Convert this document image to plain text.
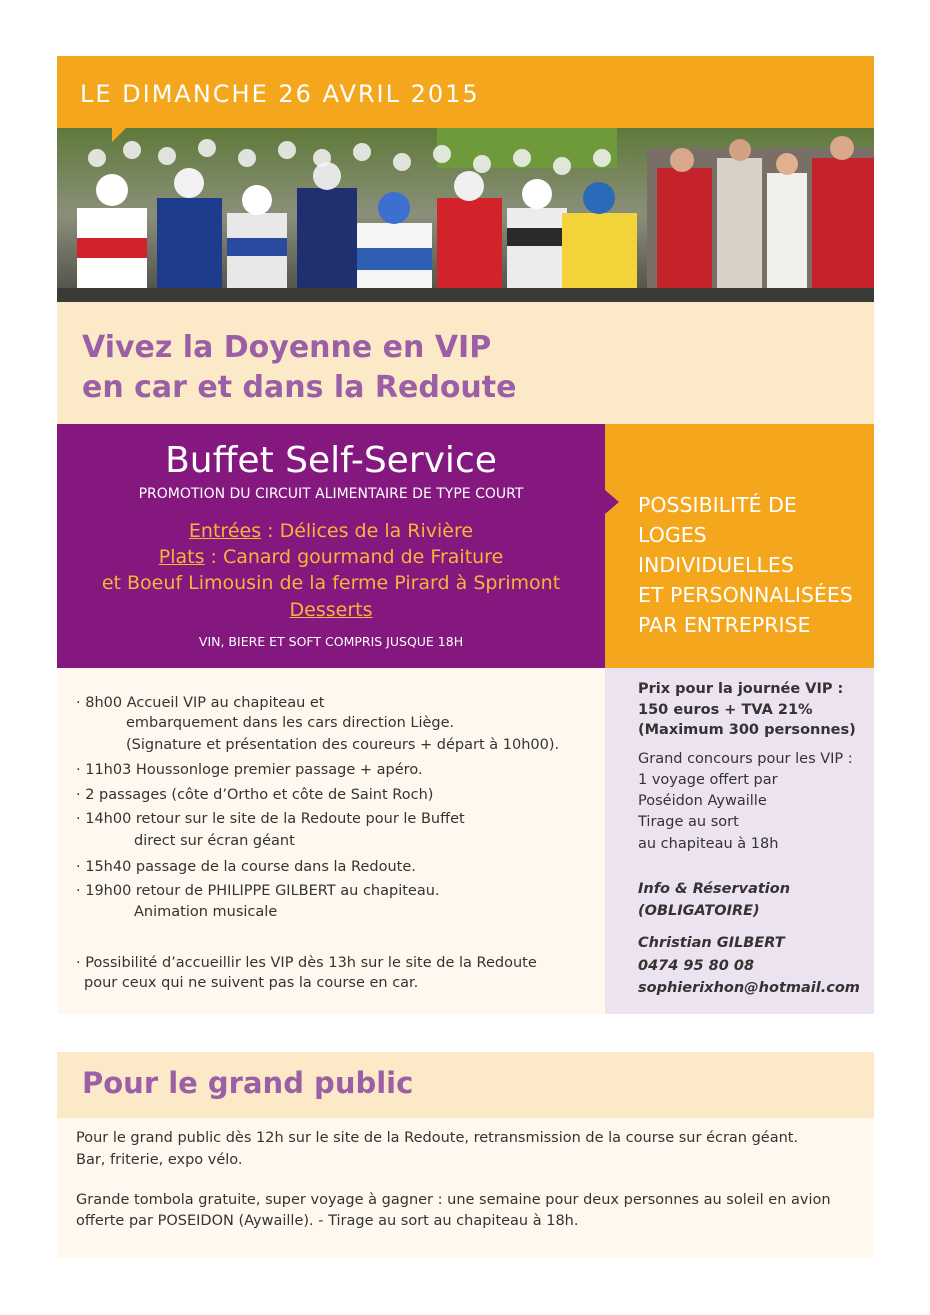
LE DIMANCHE 26 AVRIL 2015
Vivez la Doyenne en VIP
en car et dans la Redoute
Buffet Self-Service
PROMOTION DU CIRCUIT ALIMENTAIRE DE TYPE COURT
Entrées : Délices de la Rivière
Plats : Canard gourmand de Fraiture
et Boeuf Limousin de la ferme Pirard à Sprimont
Desserts
VIN, BIERE ET SOFT COMPRIS JUSQUE 18H
POSSIBILITÉ DE
LOGES INDIVIDUELLES
ET PERSONNALISÉES
PAR ENTREPRISE
· 8h00 Accueil VIP au chapiteau et
embarquement dans les cars direction Liège.
(Signature et présentation des coureurs + départ à 10h00).
· 11h03 Houssonloge premier passage + apéro.
· 2 passages (côte d’Ortho et côte de Saint Roch)
· 14h00 retour sur le site de la Redoute pour le Buffet
direct sur écran géant
· 15h40 passage de la course dans la Redoute.
· 19h00 retour de PHILIPPE GILBERT au chapiteau.
Animation musicale
· Possibilité d’accueillir les VIP dès 13h sur le site de la Redoute
pour ceux qui ne suivent pas la course en car.
Prix pour la journée VIP :
150 euros + TVA 21%
(Maximum 300 personnes)
Grand concours pour les VIP :
1 voyage offert par
Poséidon Aywaille
Tirage au sort
au chapiteau à 18h
Info & Réservation
(OBLIGATOIRE)
Christian GILBERT
0474 95 80 08
sophierixhon@hotmail.com
Pour le grand public
Pour le grand public dès 12h sur le site de la Redoute, retransmission de la course sur écran géant.
Bar, friterie, expo vélo.
Grande tombola gratuite, super voyage à gagner : une semaine pour deux personnes au soleil en avion
offerte par POSEIDON (Aywaille). - Tirage au sort au chapiteau à 18h.
